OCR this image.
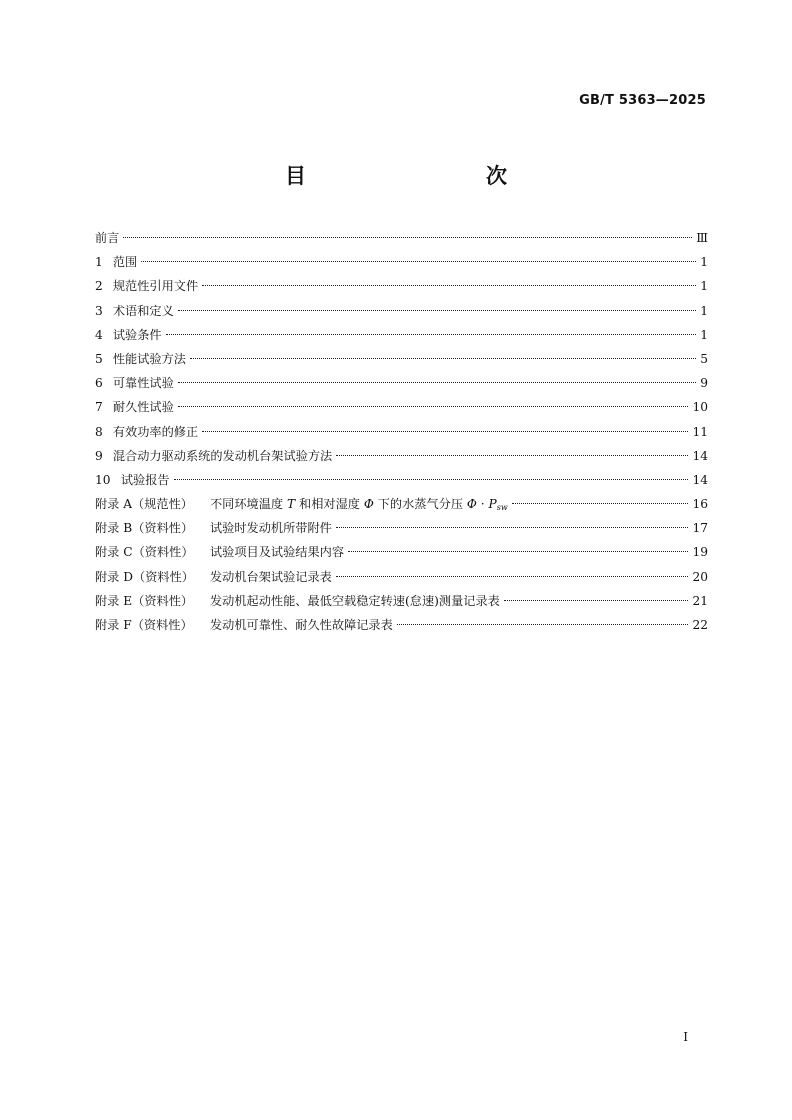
GB/T 5363—2025
目　　次
前言	Ⅲ
1 范围	1
2 规范性引用文件	1
3 术语和定义	1
4 试验条件	1
5 性能试验方法	5
6 可靠性试验	9
7 耐久性试验	10
8 有效功率的修正	11
9 混合动力驱动系统的发动机台架试验方法	14
10 试验报告	14
附录 A（规范性） 不同环境温度 T 和相对湿度 Φ 下的水蒸气分压 $\Phi \cdot P_{sw}$	16
附录 B（资料性） 试验时发动机所带附件	17
附录 C（资料性） 试验项目及试验结果内容	19
附录 D（资料性） 发动机台架试验记录表	20
附录 E（资料性） 发动机起动性能、最低空载稳定转速(怠速)测量记录表	21
附录 F（资料性） 发动机可靠性、耐久性故障记录表	22
I
